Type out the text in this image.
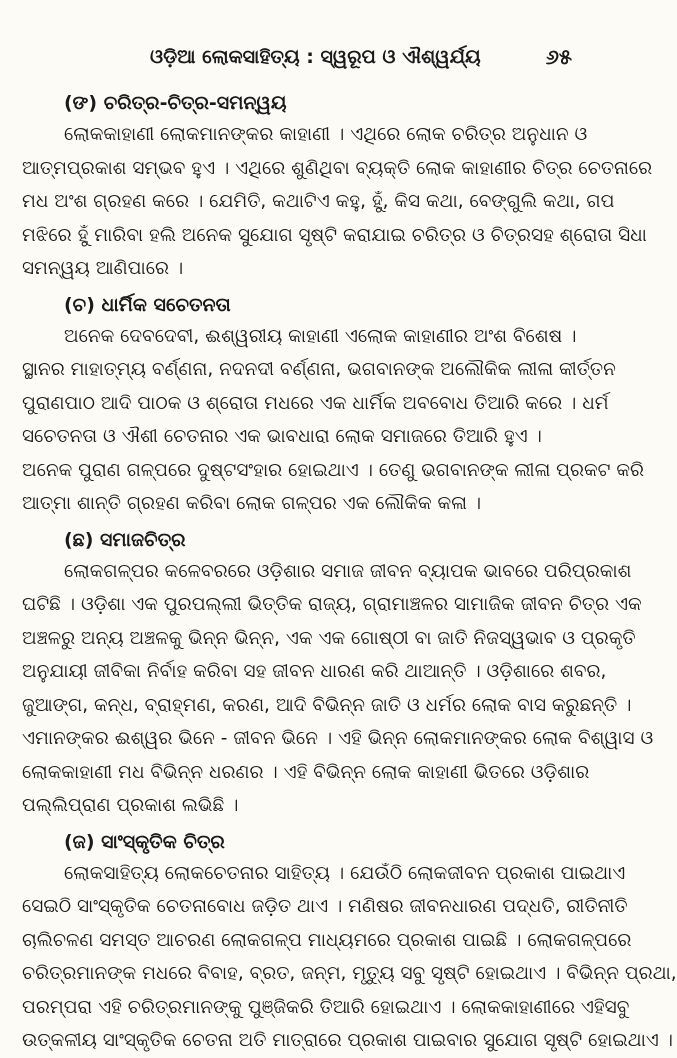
ଓଡ଼ିଆ ଲୋକସାହିତ୍ୟ : ସ୍ୱରୂପ ଓ ଐଶ୍ୱର୍ଯ୍ୟ	୬୫
(ଙ) ଚରିତ୍ର-ଚିତ୍ର-ସମନ୍ୱୟ
ଲୋକକାହାଣୀ ଲୋକମାନଙ୍କର କାହାଣୀ । ଏଥିରେ ଲୋକ ଚରିତ୍ର ଅନୁଧାନ ଓ
ଆତ୍ମପ୍ରକାଶ ସମ୍ଭବ ହୁଏ । ଏଥିରେ ଶୁଣିଥିବା ବ୍ୟକ୍ତି ଲୋକ କାହାଣୀର ଚିତ୍ର ଚେତନାରେ
ମଧ ଅଂଶ ଗ୍ରହଣ କରେ । ଯେମିତି, କଥାଟିଏ କହୁ, ହୁଁ, କିସ କଥା, ବେଙ୍ଗୁଲି କଥା, ଗପ
ମଝିରେ ହୁଁ ମାରିବା ହଲି ଅନେକ ସୁଯୋଗ ସୃଷ୍ଟି କରାଯାଇ ଚରିତ୍ର ଓ ଚିତ୍ରସହ ଶ୍ରୋତା ସିଧା
ସମନ୍ୱୟ ଆଣିପାରେ ।
(ଚ) ଧାର୍ମିକ ସଚେତନତା
ଅନେକ ଦେବଦେବୀ, ଈଶ୍ୱରୀୟ କାହାଣୀ ଏଲୋକ କାହାଣୀର ଅଂଶ ବିଶେଷ ।
ସ୍ଥାନର ମାହାତ୍ମ୍ୟ ବର୍ଣ୍ଣନା, ନଦନଦୀ ବର୍ଣ୍ଣନା, ଭଗବାନଙ୍କ ଅଲୌକିକ ଲୀଳା କୀର୍ତ୍ତନ
ପୁରାଣପାଠ ଆଦି ପାଠକ ଓ ଶ୍ରୋତା ମଧରେ ଏକ ଧାର୍ମିକ ଅବବୋଧ ତିଆରି କରେ । ଧର୍ମ
ସଚେତନତା ଓ ଐଶୀ ଚେତନାର ଏକ ଭାବଧାରା ଲୋକ ସମାଜରେ ତିଆରି ହୁଏ ।
ଅନେକ ପୁରାଣ ଗଳ୍ପରେ ଦୁଷ୍ଟସଂହାର ହୋଇଥାଏ । ତେଣୁ ଭଗବାନଙ୍କ ଲୀଳା ପ୍ରକଟ କରି
ଆତ୍ମା ଶାନ୍ତି ଗ୍ରହଣ କରିବା ଲୋକ ଗଳ୍ପର ଏକ ଲୌକିକ କଳା ।
(ଛ) ସମାଜଚିତ୍ର
ଲୋକଗଳ୍ପର କଳେବରରେ ଓଡ଼ିଶାର ସମାଜ ଜୀବନ ବ୍ୟାପକ ଭାବରେ ପରିପ୍ରକାଶ
ଘଟିଛି । ଓଡ଼ିଶା ଏକ ପୁରପଲ୍ଲୀ ଭିତ୍ତିକ ରାଜ୍ୟ, ଗ୍ରାମାଞ୍ଚଳର ସାମାଜିକ ଜୀବନ ଚିତ୍ର ଏକ
ଅଞ୍ଚଳରୁ ଅନ୍ୟ ଅଞ୍ଚଳକୁ ଭିନ୍ନ ଭିନ୍ନ, ଏକ ଏକ ଗୋଷ୍ଠୀ ବା ଜାତି ନିଜସ୍ୱଭାବ ଓ ପ୍ରକୃତି
ଅନୁଯାୟୀ ଜୀବିକା ନିର୍ବାହ କରିବା ସହ ଜୀବନ ଧାରଣ କରି ଥାଆନ୍ତି । ଓଡ଼ିଶାରେ ଶବର,
ଜୁଆଙ୍ଗ, କନ୍ଧ, ବ୍ରାହ୍ମଣ, କରଣ, ଆଦି ବିଭିନ୍ନ ଜାତି ଓ ଧର୍ମର ଲୋକ ବାସ କରୁଛନ୍ତି ।
ଏମାନଙ୍କର ଈଶ୍ୱର ଭିନେ - ଜୀବନ ଭିନେ । ଏହି ଭିନ୍ନ ଲୋକମାନଙ୍କର ଲୋକ ବିଶ୍ୱାସ ଓ
ଲୋକକାହାଣୀ ମଧ ବିଭିନ୍ନ ଧରଣର । ଏହି ବିଭିନ୍ନ ଲୋକ କାହାଣୀ ଭିତରେ ଓଡ଼ିଶାର
ପଲ୍ଲିପ୍ରାଣ ପ୍ରକାଶ ଲଭିଛି ।
(ଜ) ସାଂସ୍କୃତିକ ଚିତ୍ର
ଲୋକସାହିତ୍ୟ ଲୋକଚେତନାର ସାହିତ୍ୟ । ଯେଉଁଠି ଲୋକଜୀବନ ପ୍ରକାଶ ପାଇଥାଏ
ସେଇଠି ସାଂସ୍କୃତିକ ଚେତନାବୋଧ ଜଡ଼ିତ ଥାଏ । ମଣିଷର ଜୀବନଧାରଣ ପଦ୍ଧତି, ରୀତିନୀତି
ଚାଲିଚଳଣ ସମସ୍ତ ଆଚରଣ ଲୋକଗଳ୍ପ ମାଧ୍ୟମରେ ପ୍ରକାଶ ପାଇଛି । ଲୋକଗଳ୍ପରେ
ଚରିତ୍ରମାନଙ୍କ ମଧରେ ବିବାହ, ବ୍ରତ, ଜନ୍ମ, ମୃତ୍ୟୁ ସବୁ ସୃଷ୍ଟି ହୋଇଥାଏ । ବିଭିନ୍ନ ପ୍ରଥା,
ପରମ୍ପରା ଏହି ଚରିତ୍ରମାନଙ୍କୁ ପୁଞ୍ଜିକରି ତିଆରି ହୋଇଥାଏ । ଲୋକକାହାଣୀରେ ଏହିସବୁ
ଉତ୍କଳୀୟ ସାଂସ୍କୃତିକ ଚେତନା ଅତି ମାତ୍ରାରେ ପ୍ରକାଶ ପାଇବାର ସୁଯୋଗ ସୃଷ୍ଟି ହୋଇଥାଏ ।
